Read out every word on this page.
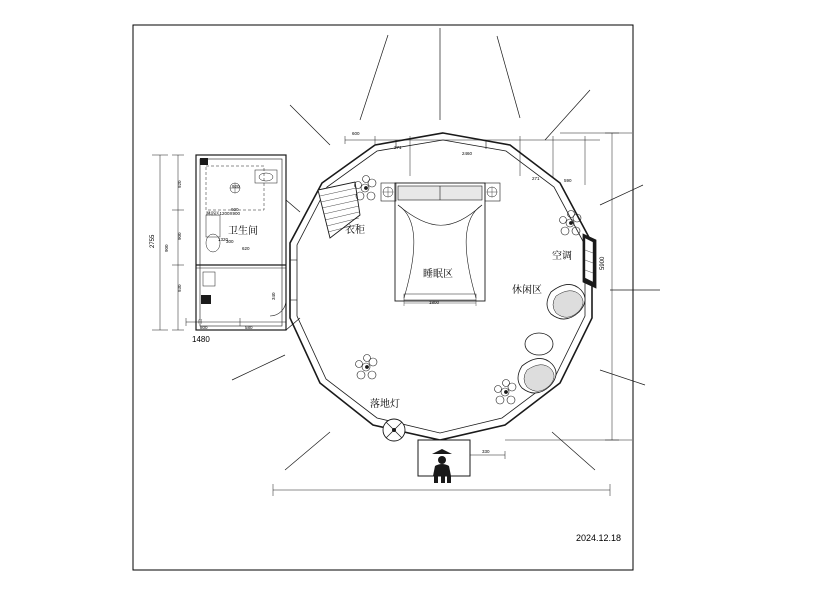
卫生间	衣柜
睡眠区
空调
休闲区
落地灯
5900
2755
1480
920
900
930
900
800	580
300
340
600
271
2460
271	590
1800
330
920
1320
600
620
淋浴区1200X900
门
2024.12.18
